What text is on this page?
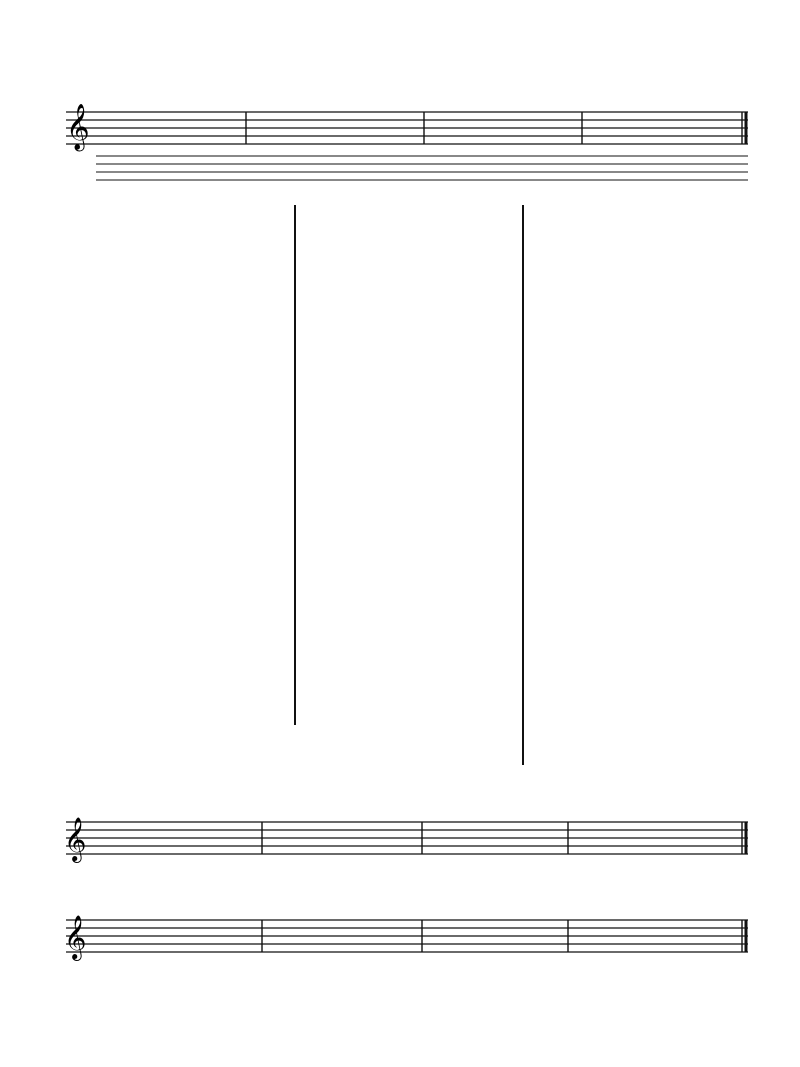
𝄞

𝄞
𝄞
